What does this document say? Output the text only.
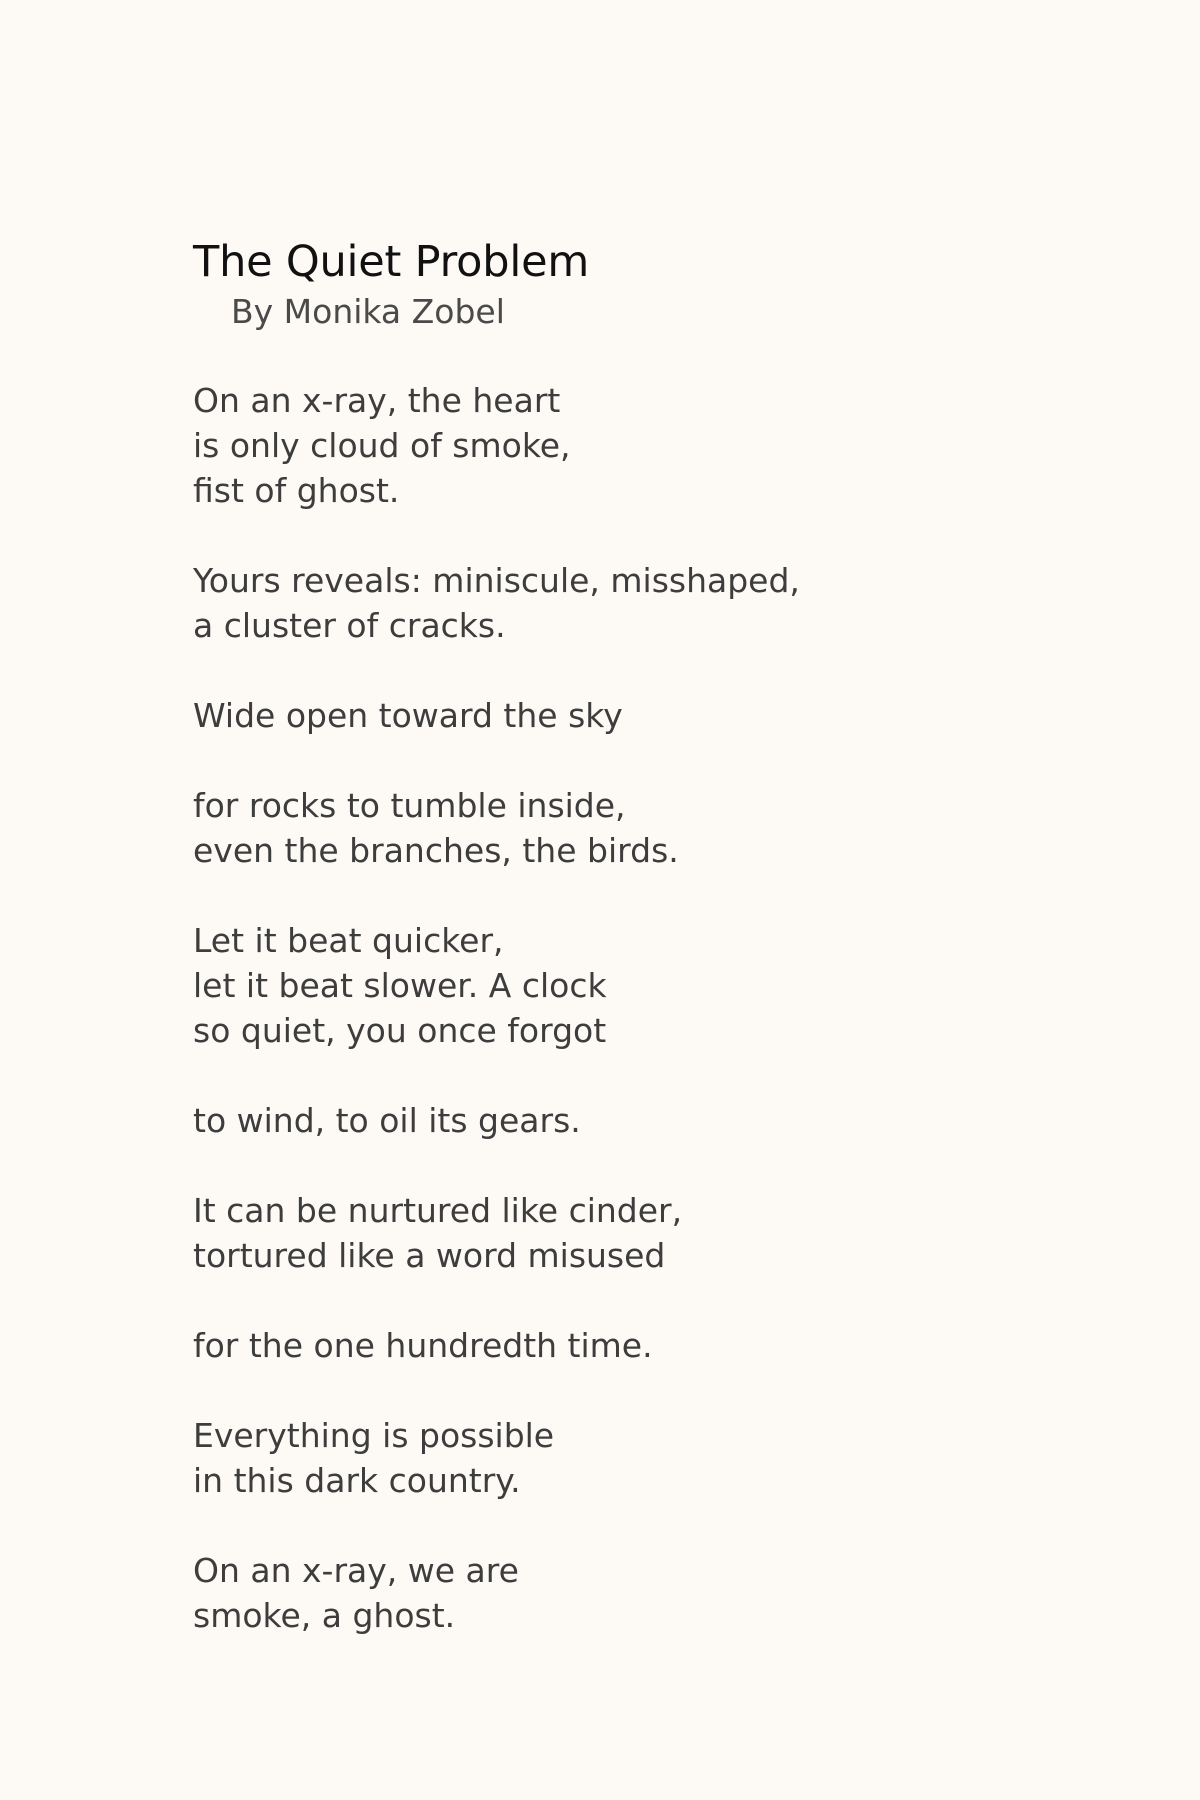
The Quiet Problem

By Monika Zobel

On an x-ray, the heart
is only cloud of smoke,
fist of ghost.
Yours reveals: miniscule, misshaped,
a cluster of cracks.
Wide open toward the sky
for rocks to tumble inside,
even the branches, the birds.
Let it beat quicker,
let it beat slower. A clock
so quiet, you once forgot
to wind, to oil its gears.
It can be nurtured like cinder,
tortured like a word misused
for the one hundredth time.
Everything is possible
in this dark country.
On an x-ray, we are
smoke, a ghost.
